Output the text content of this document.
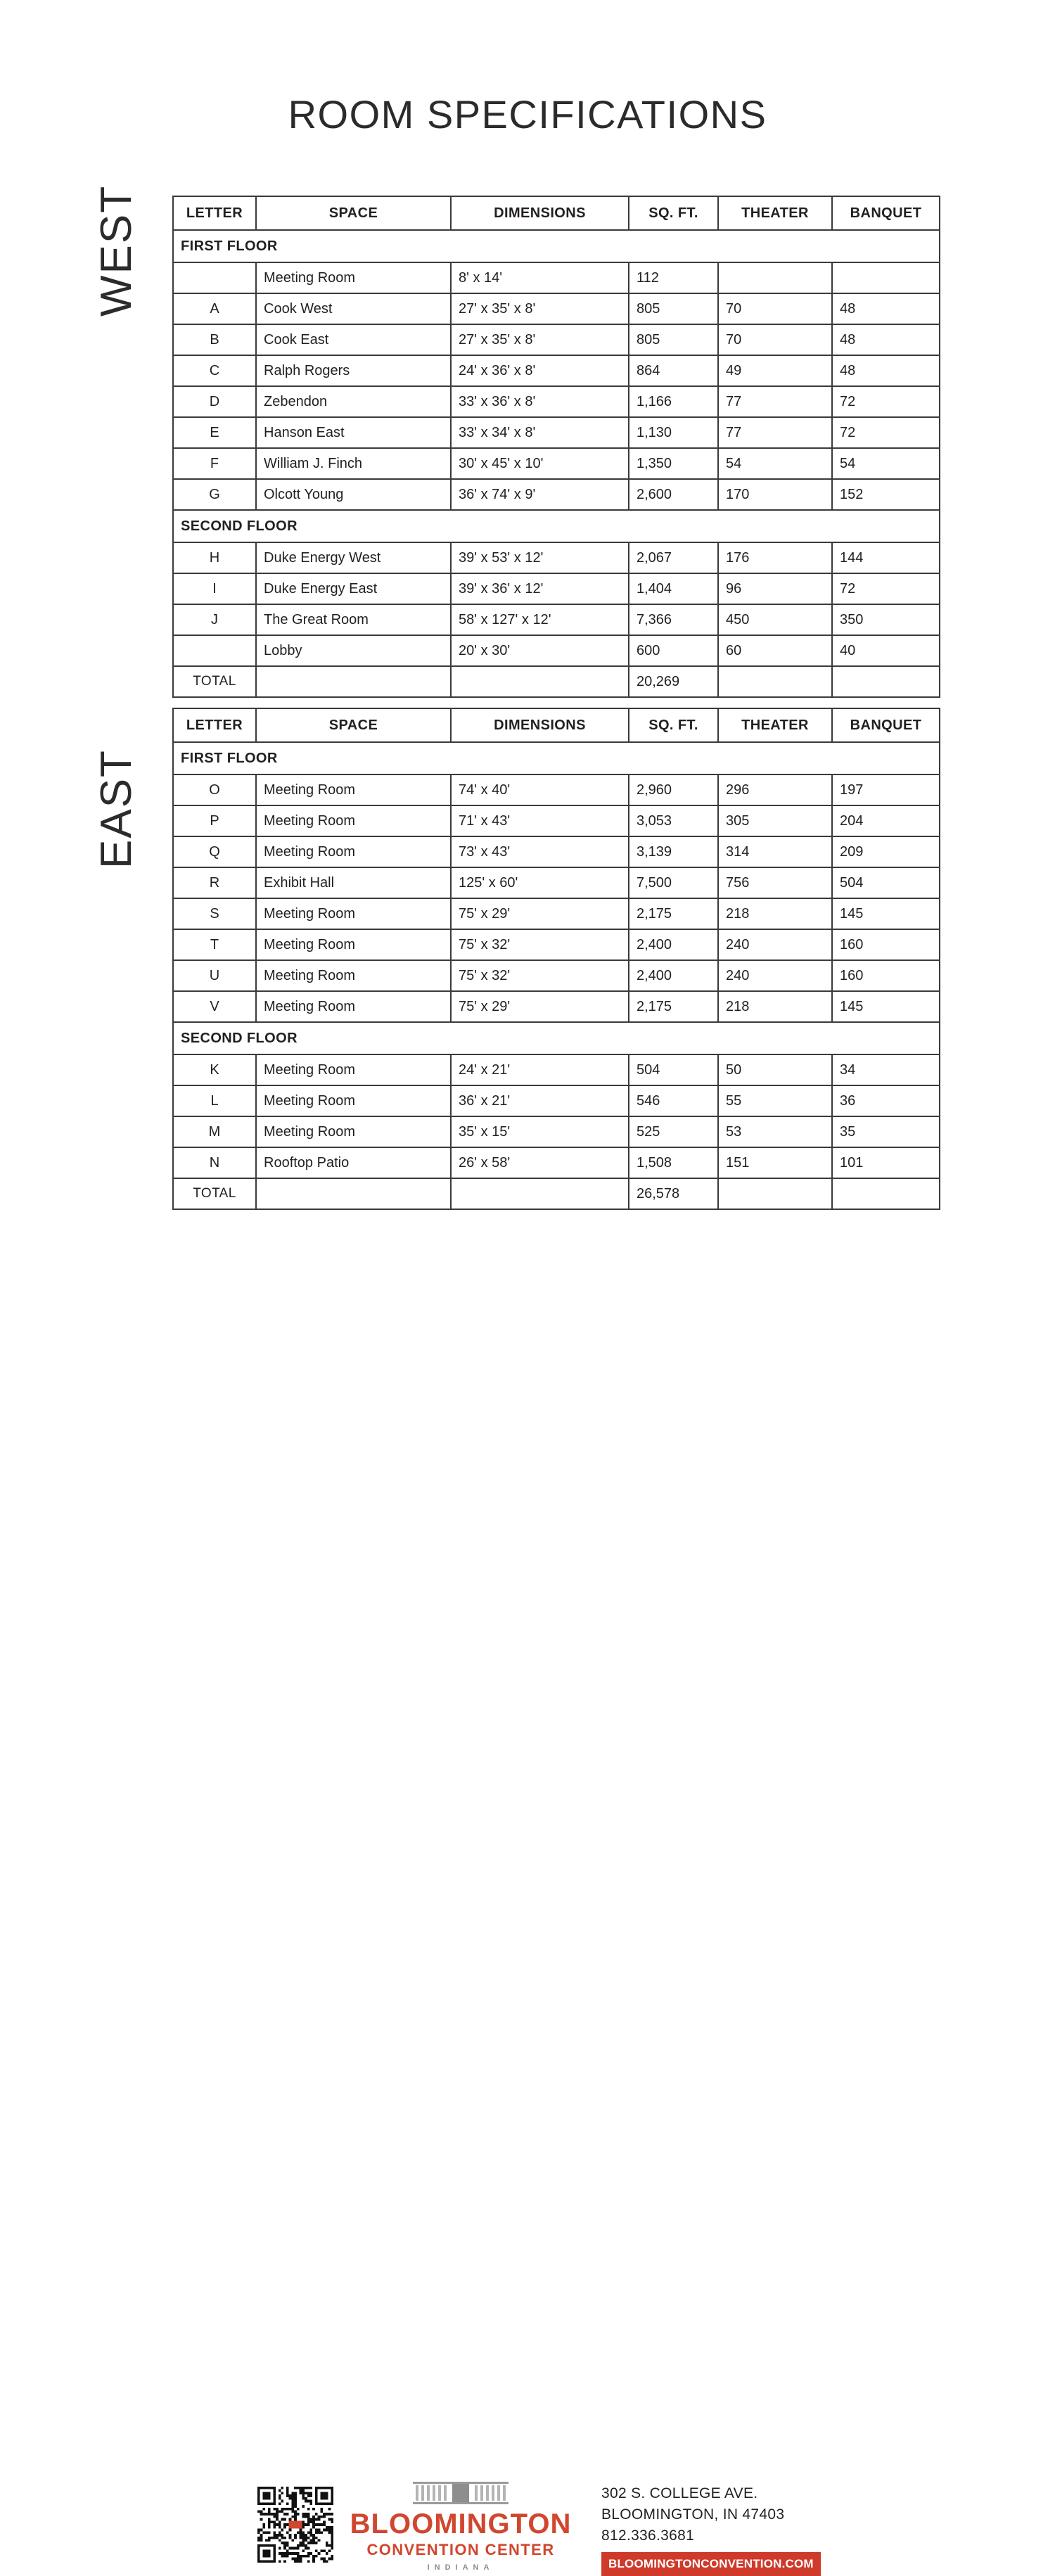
ROOM SPECIFICATIONS
WEST
EAST
LETTER	SPACE	DIMENSIONS	SQ. FT.	THEATER	BANQUET
FIRST FLOOR					
	Meeting Room	8' x 14'	112		
A	Cook West	27' x 35' x 8'	805	70	48
B	Cook East	27' x 35' x 8'	805	70	48
C	Ralph Rogers	24' x 36' x 8'	864	49	48
D	Zebendon	33' x 36' x 8'	1,166	77	72
E	Hanson East	33' x 34' x 8'	1,130	77	72
F	William J. Finch	30' x 45' x 10'	1,350	54	54
G	Olcott Young	36' x 74' x 9'	2,600	170	152
SECOND FLOOR					
H	Duke Energy West	39' x 53' x 12'	2,067	176	144
I	Duke Energy East	39' x 36' x 12'	1,404	96	72
J	The Great Room	58' x 127' x 12'	7,366	450	350
	Lobby	20' x 30'	600	60	40
TOTAL			20,269		
LETTER	SPACE	DIMENSIONS	SQ. FT.	THEATER	BANQUET
FIRST FLOOR					
O	Meeting Room	74' x 40'	2,960	296	197
P	Meeting Room	71' x 43'	3,053	305	204
Q	Meeting Room	73' x 43'	3,139	314	209
R	Exhibit Hall	125' x 60'	7,500	756	504
S	Meeting Room	75' x 29'	2,175	218	145
T	Meeting Room	75' x 32'	2,400	240	160
U	Meeting Room	75' x 32'	2,400	240	160
V	Meeting Room	75' x 29'	2,175	218	145
SECOND FLOOR					
K	Meeting Room	24' x 21'	504	50	34
L	Meeting Room	36' x 21'	546	55	36
M	Meeting Room	35' x 15'	525	53	35
N	Rooftop Patio	26' x 58'	1,508	151	101
TOTAL			26,578		
BLOOMINGTON
CONVENTION CENTER
INDIANA
302 S. COLLEGE AVE.
BLOOMINGTON, IN 47403
812.336.3681
BLOOMINGTONCONVENTION.COM
